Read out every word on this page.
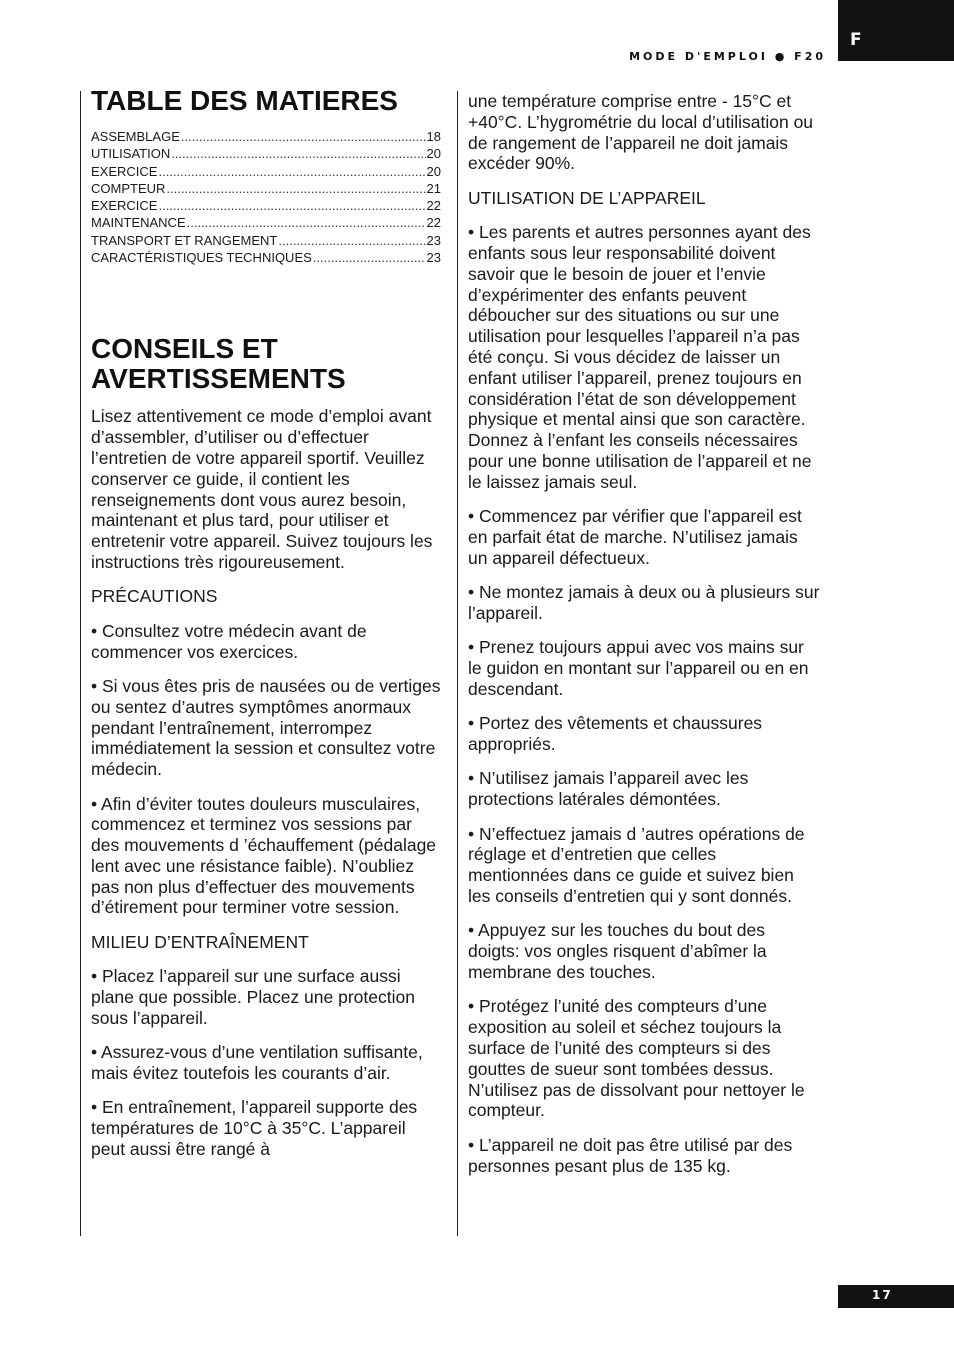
MODE D'EMPLOI ● F20
F
TABLE DES MATIERES
ASSEMBLAGE .....	18
UTILISATION .....	20
EXERCICE .....	20
COMPTEUR .....	21
EXERCICE .....	22
MAINTENANCE .....	22
TRANSPORT ET RANGEMENT .....	23
CARACTÉRISTIQUES TECHNIQUES .....	23
CONSEILS ET AVERTISSEMENTS

Lisez attentivement ce mode d’emploi avant d’assembler, d’utiliser ou d’effectuer l’entretien de votre appareil sportif. Veuillez conserver ce guide, il contient les renseignements dont vous aurez besoin, maintenant et plus tard, pour utiliser et entretenir votre appareil. Suivez toujours les instructions très rigoureusement.

PRÉCAUTIONS

• Consultez votre médecin avant de commencer vos exercices.

• Si vous êtes pris de nausées ou de vertiges ou sentez d’autres symptômes anormaux pendant l’entraînement, interrompez immédiatement la session et consultez votre médecin.

• Afin d’éviter toutes douleurs musculaires, commencez et terminez vos sessions par des mouvements d ’échauffement (pédalage lent avec une résistance faible). N’oubliez pas non plus d’effectuer des mouvements d’étirement pour terminer votre session.

MILIEU D’ENTRAÎNEMENT

• Placez l’appareil sur une surface aussi plane que possible. Placez une protection sous l’appareil.

• Assurez-vous d’une ventilation suffisante, mais évitez toutefois les courants d’air.

• En entraînement, l’appareil supporte des températures de 10°C à 35°C. L’appareil peut aussi être rangé à

une température comprise entre - 15°C et +40°C. L’hygrométrie du local d’utilisation ou de rangement de l’appareil ne doit jamais excéder 90%.

UTILISATION DE L’APPAREIL

• Les parents et autres personnes ayant des enfants sous leur responsabilité doivent savoir que le besoin de jouer et l’envie d’expérimenter des enfants peuvent déboucher sur des situations ou sur une utilisation pour lesquelles l’appareil n’a pas été conçu. Si vous décidez de laisser un enfant utiliser l’appareil, prenez toujours en considération l’état de son développement physique et mental ainsi que son caractère. Donnez à l’enfant les conseils nécessaires pour une bonne utilisation de l’appareil et ne le laissez jamais seul.

• Commencez par vérifier que l’appareil est en parfait état de marche. N’utilisez jamais un appareil défectueux.

• Ne montez jamais à deux ou à plusieurs sur l’appareil.

• Prenez toujours appui avec vos mains sur le guidon en montant sur l’appareil ou en en descendant.

• Portez des vêtements et chaussures appropriés.

• N’utilisez jamais l’appareil avec les protections latérales démontées.

• N’effectuez jamais d ’autres opérations de réglage et d’entretien que celles mentionnées dans ce guide et suivez bien les conseils d’entretien qui y sont donnés.

• Appuyez sur les touches du bout des doigts: vos ongles risquent d’abîmer la membrane des touches.

• Protégez l’unité des compteurs d’une exposition au soleil et séchez toujours la surface de l’unité des compteurs si des gouttes de sueur sont tombées dessus. N’utilisez pas de dissolvant pour nettoyer le compteur.

• L’appareil ne doit pas être utilisé par des personnes pesant plus de 135 kg.

17
